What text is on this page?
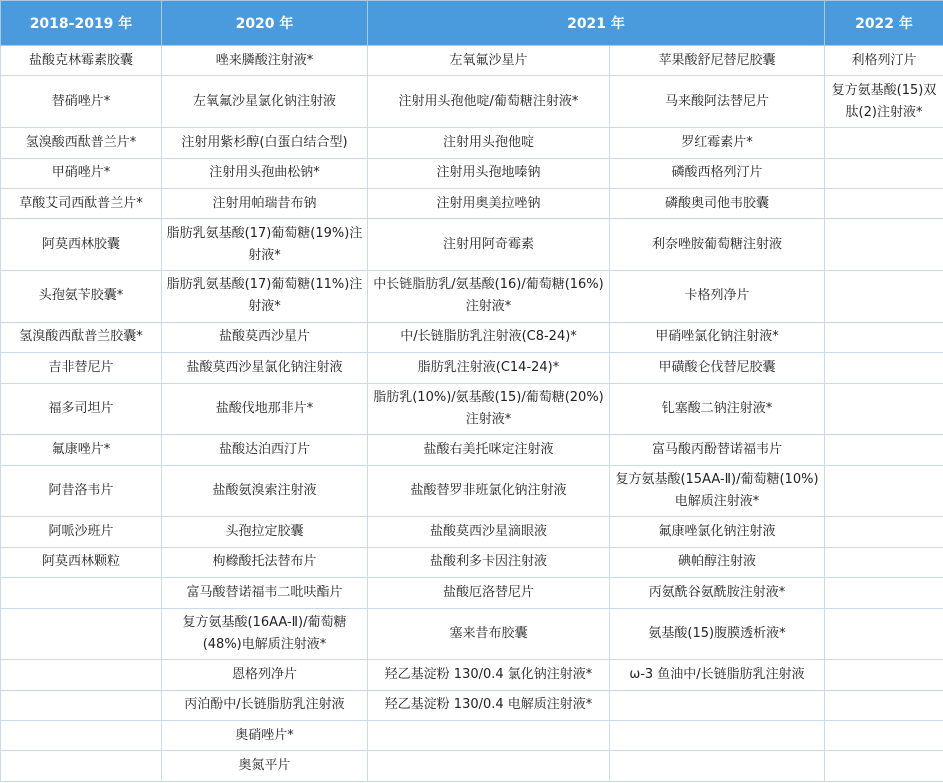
2018-2019 年	2020 年	2021 年		2022 年
盐酸克林霉素胶囊	唑来膦酸注射液*	左氧氟沙星片	苹果酸舒尼替尼胶囊	利格列汀片
替硝唑片*	左氧氟沙星氯化钠注射液	注射用头孢他啶/葡萄糖注射液*	马来酸阿法替尼片	复方氨基酸(15)双肽(2)注射液*
氢溴酸西酞普兰片*	注射用紫杉醇(白蛋白结合型)	注射用头孢他啶	罗红霉素片*	
甲硝唑片*	注射用头孢曲松钠*	注射用头孢地嗪钠	磷酸西格列汀片	
草酸艾司西酞普兰片*	注射用帕瑞昔布钠	注射用奥美拉唑钠	磷酸奥司他韦胶囊	
阿莫西林胶囊	脂肪乳氨基酸(17)葡萄糖(19%)注射液*	注射用阿奇霉素	利奈唑胺葡萄糖注射液	
头孢氨苄胶囊*	脂肪乳氨基酸(17)葡萄糖(11%)注射液*	中长链脂肪乳/氨基酸(16)/葡萄糖(16%)注射液*	卡格列净片	
氢溴酸西酞普兰胶囊*	盐酸莫西沙星片	中/长链脂肪乳注射液(C8-24)*	甲硝唑氯化钠注射液*	
吉非替尼片	盐酸莫西沙星氯化钠注射液	脂肪乳注射液(C14-24)*	甲磺酸仑伐替尼胶囊	
福多司坦片	盐酸伐地那非片*	脂肪乳(10%)/氨基酸(15)/葡萄糖(20%)注射液*	钆塞酸二钠注射液*	
氟康唑片*	盐酸达泊西汀片	盐酸右美托咪定注射液	富马酸丙酚替诺福韦片	
阿昔洛韦片	盐酸氨溴索注射液	盐酸替罗非班氯化钠注射液	复方氨基酸(15AA-Ⅱ)/葡萄糖(10%)电解质注射液*	
阿哌沙班片	头孢拉定胶囊	盐酸莫西沙星滴眼液	氟康唑氯化钠注射液	
阿莫西林颗粒	枸橼酸托法替布片	盐酸利多卡因注射液	碘帕醇注射液	
	富马酸替诺福韦二吡呋酯片	盐酸厄洛替尼片	丙氨酰谷氨酰胺注射液*	
	复方氨基酸(16AA-Ⅱ)/葡萄糖(48%)电解质注射液*	塞来昔布胶囊	氨基酸(15)腹膜透析液*	
	恩格列净片	羟乙基淀粉 130/0.4 氯化钠注射液*	ω-3 鱼油中/长链脂肪乳注射液	
	丙泊酚中/长链脂肪乳注射液	羟乙基淀粉 130/0.4 电解质注射液*		
	奥硝唑片*			
	奥氮平片			
